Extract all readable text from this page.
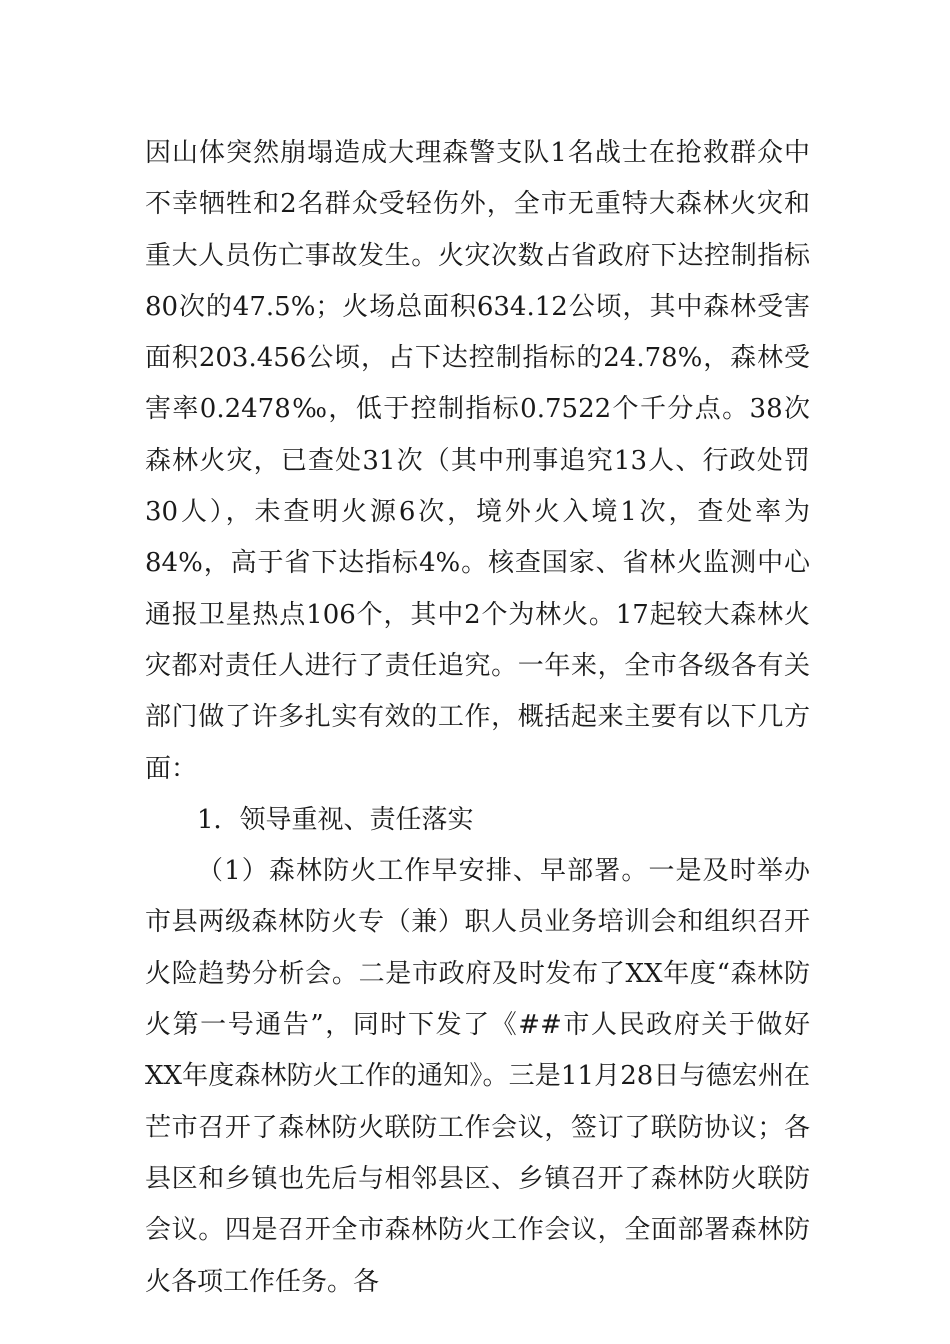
因山体突然崩塌造成大理森警支队1名战士在抢救群众中不幸牺牲和2名群众受轻伤外，全市无重特大森林火灾和重大人员伤亡事故发生。火灾次数占省政府下达控制指标80次的47.5%；火场总面积634.12公顷，其中森林受害面积203.456公顷，占下达控制指标的24.78%，森林受害率0.2478‰，低于控制指标0.7522个千分点。38次森林火灾，已查处31次（其中刑事追究13人、行政处罚30人），未查明火源6次，境外火入境1次，查处率为84%，高于省下达指标4%。核查国家、省林火监测中心通报卫星热点106个，其中2个为林火。17起较大森林火灾都对责任人进行了责任追究。一年来，全市各级各有关部门做了许多扎实有效的工作，概括起来主要有以下几方面：

1．领导重视、责任落实

（1）森林防火工作早安排、早部署。一是及时举办市县两级森林防火专（兼）职人员业务培训会和组织召开火险趋势分析会。二是市政府及时发布了XX年度“森林防火第一号通告”，同时下发了《##市人民政府关于做好XX年度森林防火工作的通知》。三是11月28日与德宏州在芒市召开了森林防火联防工作会议，签订了联防协议；各县区和乡镇也先后与相邻县区、乡镇召开了森林防火联防会议。四是召开全市森林防火工作会议，全面部署森林防火各项工作任务。各
